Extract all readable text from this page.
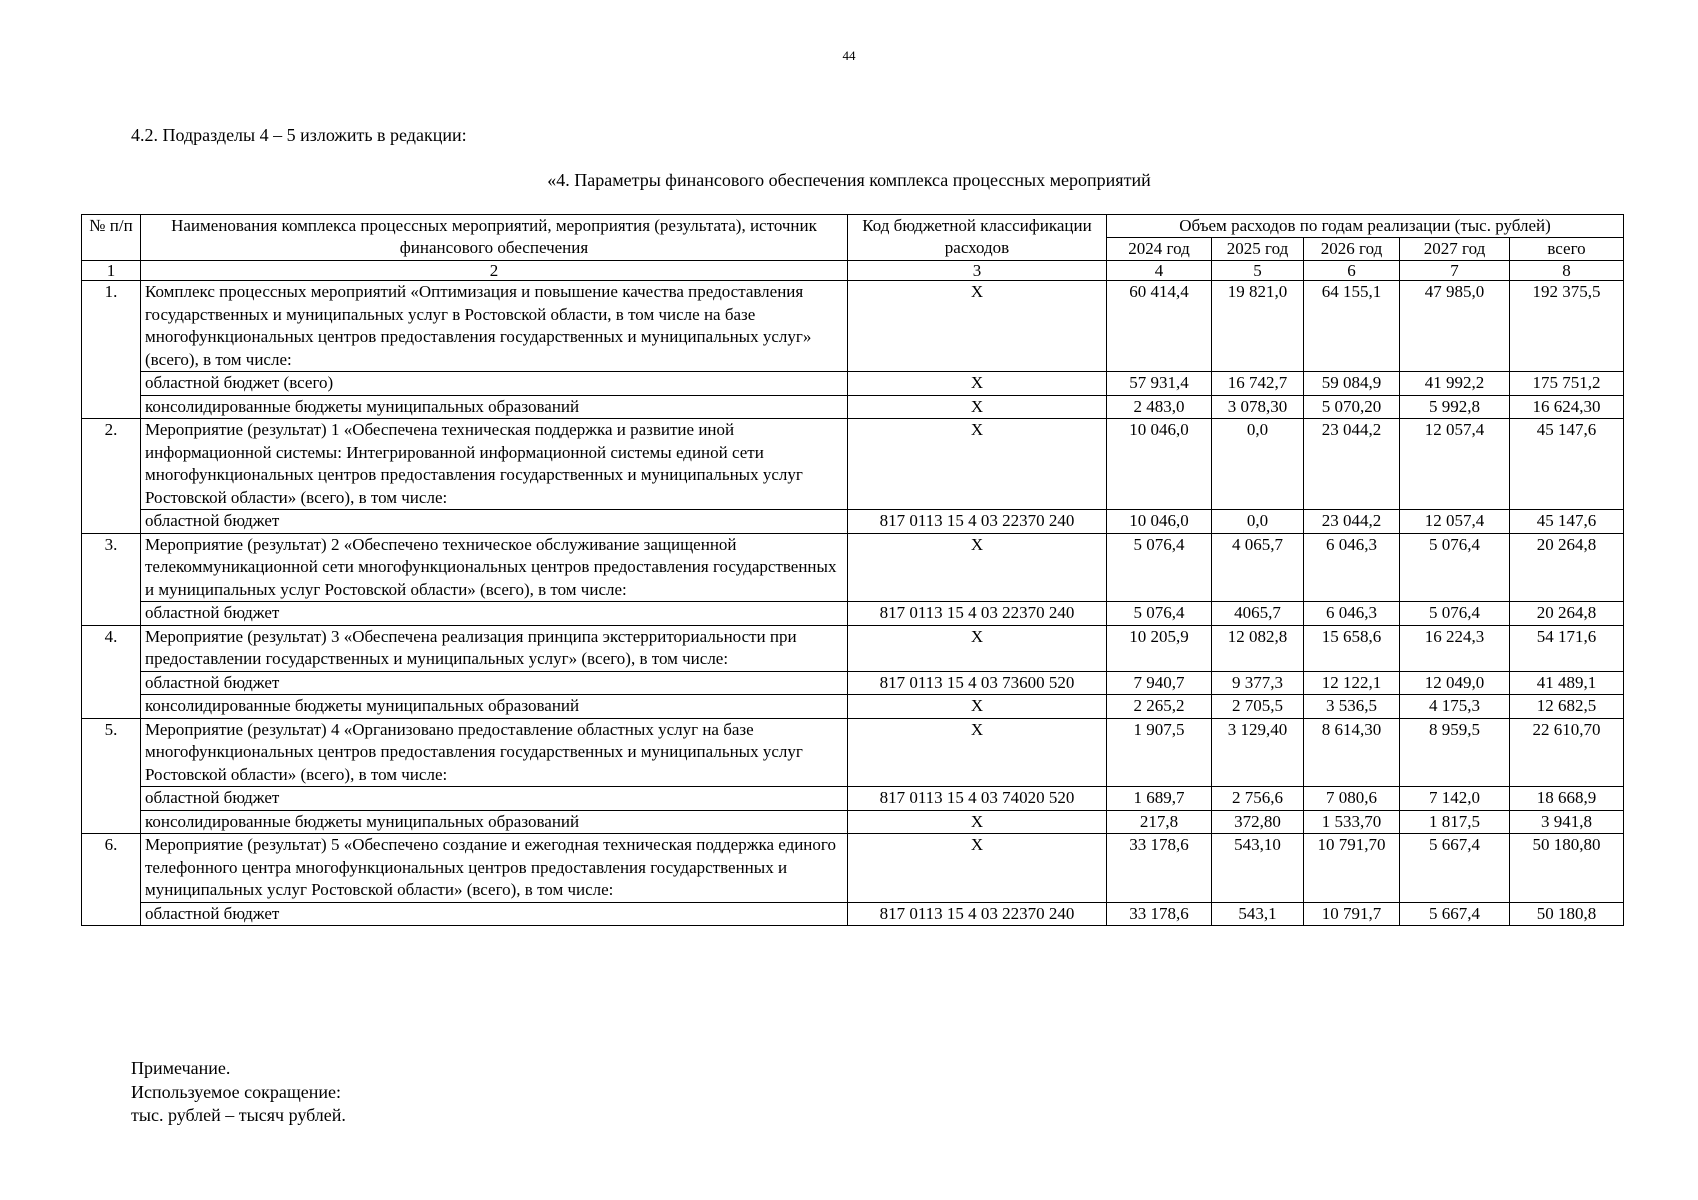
44
4.2. Подразделы 4 – 5 изложить в редакции:
«4. Параметры финансового обеспечения комплекса процессных мероприятий
№ п/п	Наименования комплекса процессных мероприятий, мероприятия (результата), источник финансового обеспечения	Код бюджетной классификации расходов	Объем расходов по годам реализации (тыс. рублей)				
			2024 год	2025 год	2026 год	2027 год	всего
1	2	3	4	5	6	7	8
1.	Комплекс процессных мероприятий «Оптимизация и повышение качества предоставления государственных и муниципальных услуг в Ростовской области, в том числе на базе многофункциональных центров предоставления государственных и муниципальных услуг» (всего), в том числе:	X	60 414,4	19 821,0	64 155,1	47 985,0	192 375,5
	областной бюджет (всего)	X	57 931,4	16 742,7	59 084,9	41 992,2	175 751,2
	консолидированные бюджеты муниципальных образований	X	2 483,0	3 078,30	5 070,20	5 992,8	16 624,30
2.	Мероприятие (результат) 1 «Обеспечена техническая поддержка и развитие иной информационной системы: Интегрированной информационной системы единой сети многофункциональных центров предоставления государственных и муниципальных услуг Ростовской области» (всего), в том числе:	X	10 046,0	0,0	23 044,2	12 057,4	45 147,6
	областной бюджет	817 0113 15 4 03 22370 240	10 046,0	0,0	23 044,2	12 057,4	45 147,6
3.	Мероприятие (результат) 2 «Обеспечено техническое обслуживание защищенной телекоммуникационной сети многофункциональных центров предоставления государственных и муниципальных услуг Ростовской области» (всего), в том числе:	X	5 076,4	4 065,7	6 046,3	5 076,4	20 264,8
	областной бюджет	817 0113 15 4 03 22370 240	5 076,4	4065,7	6 046,3	5 076,4	20 264,8
4.	Мероприятие (результат) 3 «Обеспечена реализация принципа экстерриториальности при предоставлении государственных и муниципальных услуг» (всего), в том числе:	X	10 205,9	12 082,8	15 658,6	16 224,3	54 171,6
	областной бюджет	817 0113 15 4 03 73600 520	7 940,7	9 377,3	12 122,1	12 049,0	41 489,1
	консолидированные бюджеты муниципальных образований	X	2 265,2	2 705,5	3 536,5	4 175,3	12 682,5
5.	Мероприятие (результат) 4 «Организовано предоставление областных услуг на базе многофункциональных центров предоставления государственных и муниципальных услуг Ростовской области» (всего), в том числе:	X	1 907,5	3 129,40	8 614,30	8 959,5	22 610,70
	областной бюджет	817 0113 15 4 03 74020 520	1 689,7	2 756,6	7 080,6	7 142,0	18 668,9
	консолидированные бюджеты муниципальных образований	X	217,8	372,80	1 533,70	1 817,5	3 941,8
6.	Мероприятие (результат) 5 «Обеспечено создание и ежегодная техническая поддержка единого телефонного центра многофункциональных центров предоставления государственных и муниципальных услуг Ростовской области» (всего), в том числе:	X	33 178,6	543,10	10 791,70	5 667,4	50 180,80
	областной бюджет	817 0113 15 4 03 22370 240	33 178,6	543,1	10 791,7	5 667,4	50 180,8
Примечание.
Используемое сокращение:
тыс. рублей – тысяч рублей.
